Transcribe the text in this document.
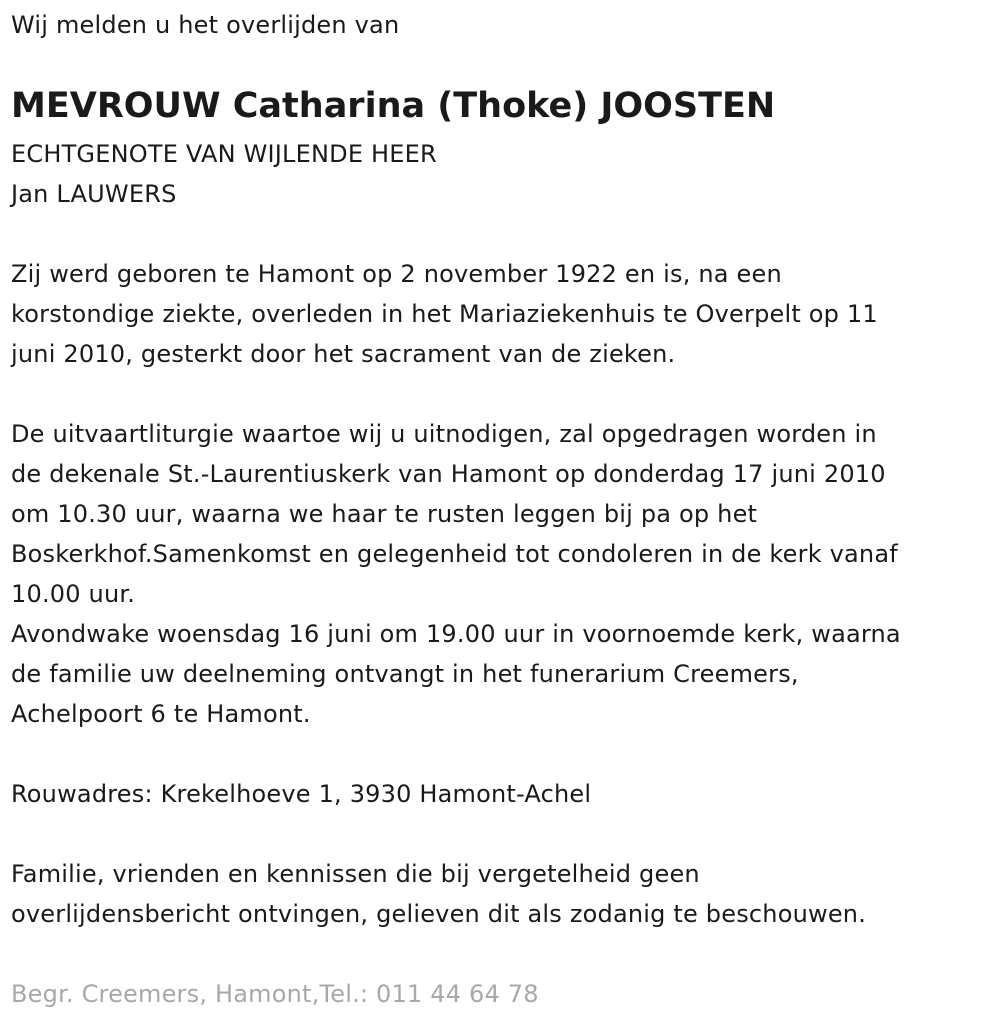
Wij melden u het overlijden van
MEVROUW Catharina (Thoke) JOOSTEN
ECHTGENOTE VAN WIJLENDE HEER
Jan LAUWERS
Zij werd geboren te Hamont op 2 november 1922 en is, na een
korstondige ziekte, overleden in het Mariaziekenhuis te Overpelt op 11
juni 2010, gesterkt door het sacrament van de zieken.
De uitvaartliturgie waartoe wij u uitnodigen, zal opgedragen worden in
de dekenale St.-Laurentiuskerk van Hamont op donderdag 17 juni 2010
om 10.30 uur, waarna we haar te rusten leggen bij pa op het
Boskerkhof.Samenkomst en gelegenheid tot condoleren in de kerk vanaf
10.00 uur.
Avondwake woensdag 16 juni om 19.00 uur in voornoemde kerk, waarna
de familie uw deelneming ontvangt in het funerarium Creemers,
Achelpoort 6 te Hamont.
Rouwadres: Krekelhoeve 1, 3930 Hamont-Achel
Familie, vrienden en kennissen die bij vergetelheid geen
overlijdensbericht ontvingen, gelieven dit als zodanig te beschouwen.
Begr. Creemers, Hamont,Tel.: 011 44 64 78
